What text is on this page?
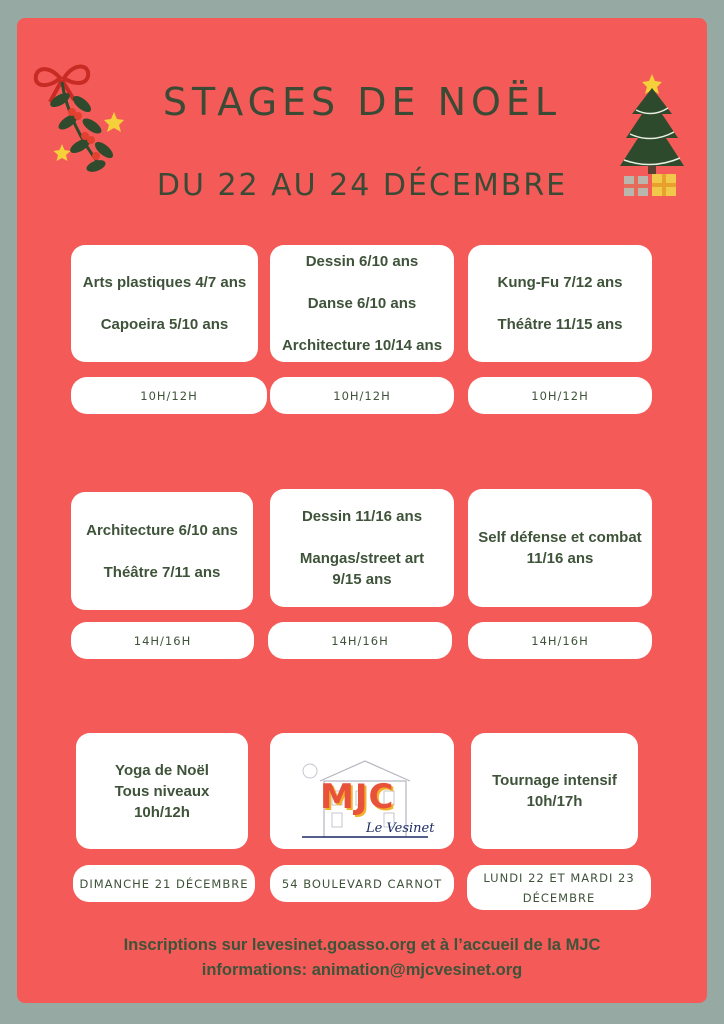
STAGES DE NOËL
DU 22 AU 24 DÉCEMBRE
Arts plastiques 4/7 ans
Capoeira 5/10 ans
Dessin 6/10 ans
Danse 6/10 ans
Architecture 10/14 ans
Kung-Fu 7/12 ans
Théâtre 11/15 ans
10H/12H	10H/12H	10H/12H
Architecture 6/10 ans
Théâtre 7/11 ans
Dessin 11/16 ans
Mangas/street art
9/15 ans
Self défense et combat
11/16 ans
14H/16H	14H/16H	14H/16H
Yoga de Noël
Tous niveaux
10h/12h	MJC
Le Vesinet
Tournage intensif
10h/17h
DIMANCHE 21 DÉCEMBRE	54 BOULEVARD CARNOT	LUNDI 22 ET MARDI 23
DÉCEMBRE
Inscriptions sur levesinet.goasso.org et à l’accueil de la MJC
informations: animation@mjcvesinet.org
